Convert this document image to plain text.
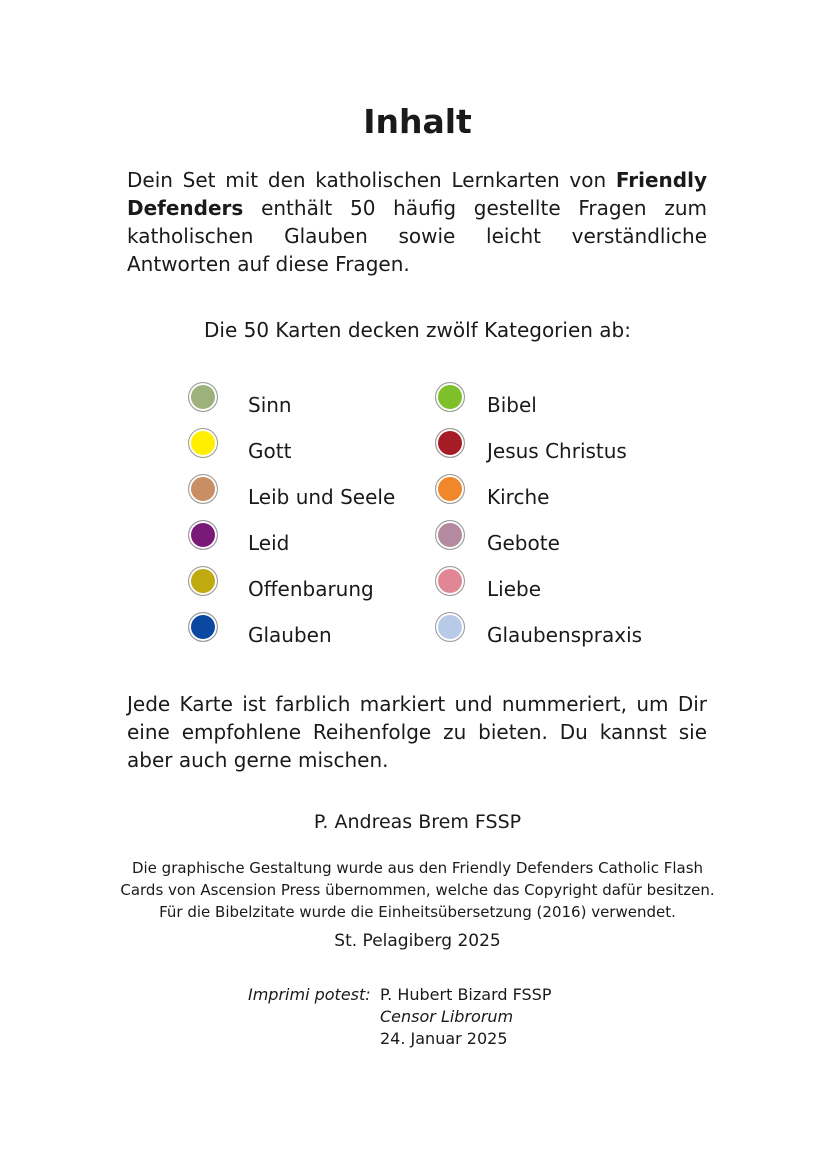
Inhalt

Dein Set mit den katholischen Lernkarten von Friendly Defenders enthält 50 häufig gestellte Fragen zum katholischen Glauben sowie leicht verständliche Antworten auf diese Fragen.

Die 50 Karten decken zwölf Kategorien ab:

Sinn
Gott
Leib und Seele
Leid
Offenbarung
Glauben
Bibel
Jesus Christus
Kirche
Gebote
Liebe
Glaubenspraxis

Jede Karte ist farblich markiert und nummeriert, um Dir eine empfohlene Reihenfolge zu bieten. Du kannst sie aber auch gerne mischen.

P. Andreas Brem FSSP

Die graphische Gestaltung wurde aus den Friendly Defenders Catholic Flash
Cards von Ascension Press übernommen, welche das Copyright dafür besitzen.
Für die Bibelzitate wurde die Einheitsübersetzung (2016) verwendet.

St. Pelagiberg 2025

Imprimi potest: P. Hubert Bizard FSSP
Censor Librorum
24. Januar 2025
